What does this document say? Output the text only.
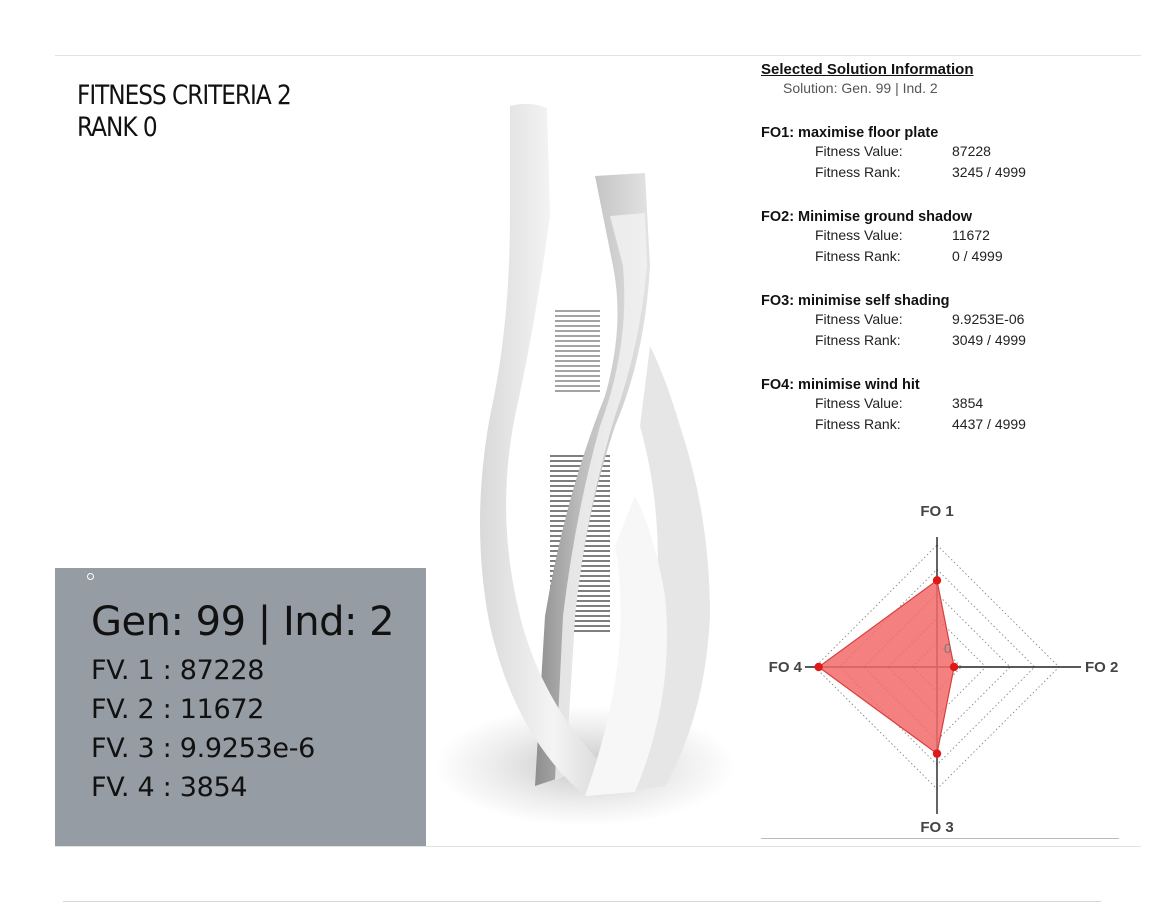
FITNESS CRITERIA 2
RANK 0
Gen: 99 | Ind: 2
FV. 1 : 87228
FV. 2 : 11672
FV. 3 : 9.9253e-6
FV. 4 : 3854
Selected Solution Information
Solution: Gen. 99 | Ind. 2
FO1: maximise floor plate
Fitness Value:	87228
Fitness Rank:	3245 / 4999
FO2: Minimise ground shadow
Fitness Value:	11672
Fitness Rank:	0 / 4999
FO3: minimise self shading
Fitness Value:	9.9253E-06
Fitness Rank:	3049 / 4999
FO4: minimise wind hit
Fitness Value:	3854
Fitness Rank:	4437 / 4999
0
FO 1
FO 2
FO 3
FO 4
